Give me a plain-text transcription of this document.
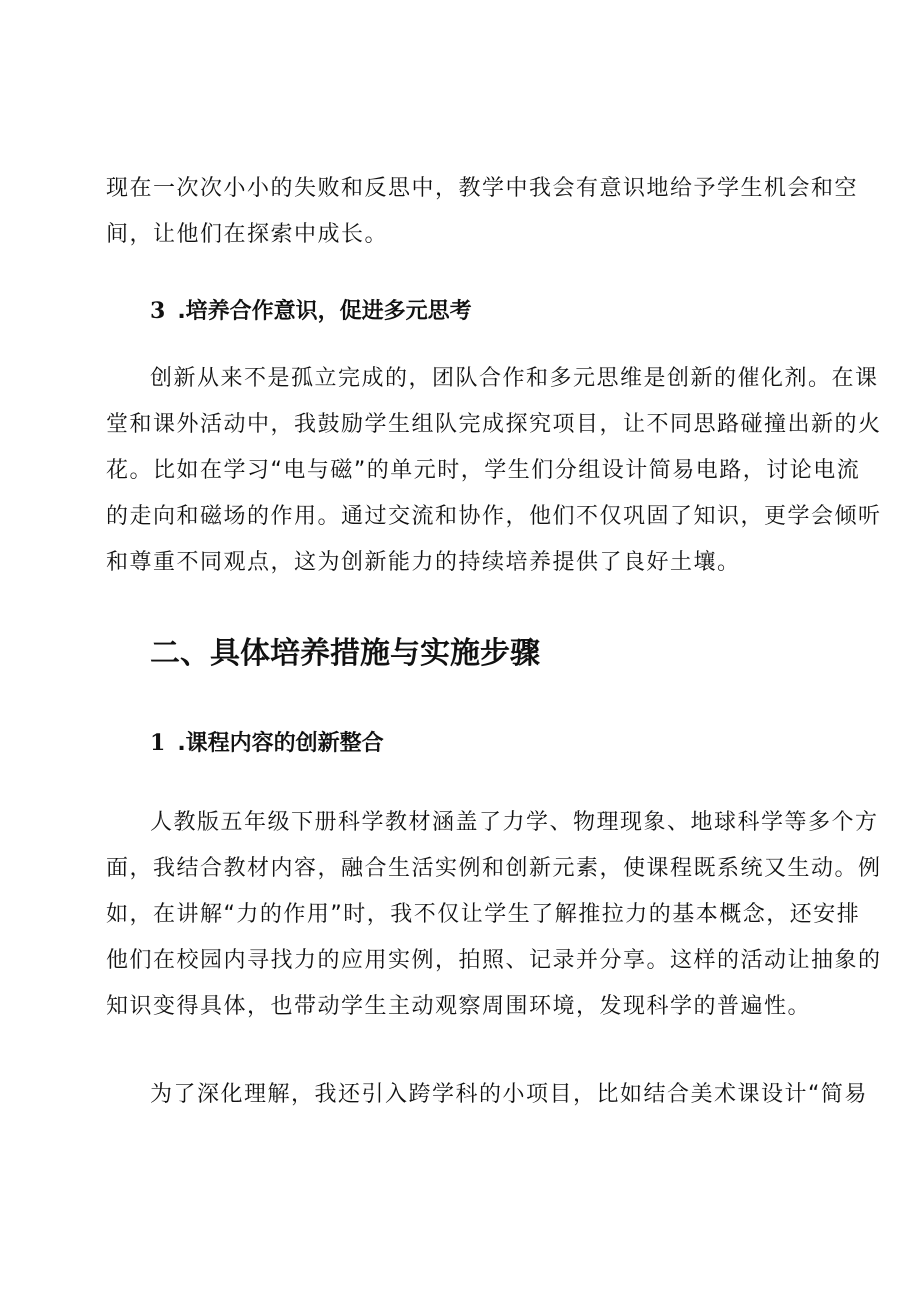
现在一次次小小的失败和反思中，教学中我会有意识地给予学生机会和空
间，让他们在探索中成长。
3 .培养合作意识，促进多元思考
创新从来不是孤立完成的，团队合作和多元思维是创新的催化剂。在课
堂和课外活动中，我鼓励学生组队完成探究项目，让不同思路碰撞出新的火
花。比如在学习“电与磁”的单元时，学生们分组设计简易电路，讨论电流
的走向和磁场的作用。通过交流和协作，他们不仅巩固了知识，更学会倾听
和尊重不同观点，这为创新能力的持续培养提供了良好土壤。
二、具体培养措施与实施步骤
1 .课程内容的创新整合
人教版五年级下册科学教材涵盖了力学、物理现象、地球科学等多个方
面，我结合教材内容，融合生活实例和创新元素，使课程既系统又生动。例
如，在讲解“力的作用”时，我不仅让学生了解推拉力的基本概念，还安排
他们在校园内寻找力的应用实例，拍照、记录并分享。这样的活动让抽象的
知识变得具体，也带动学生主动观察周围环境，发现科学的普遍性。
为了深化理解，我还引入跨学科的小项目，比如结合美术课设计“简易
